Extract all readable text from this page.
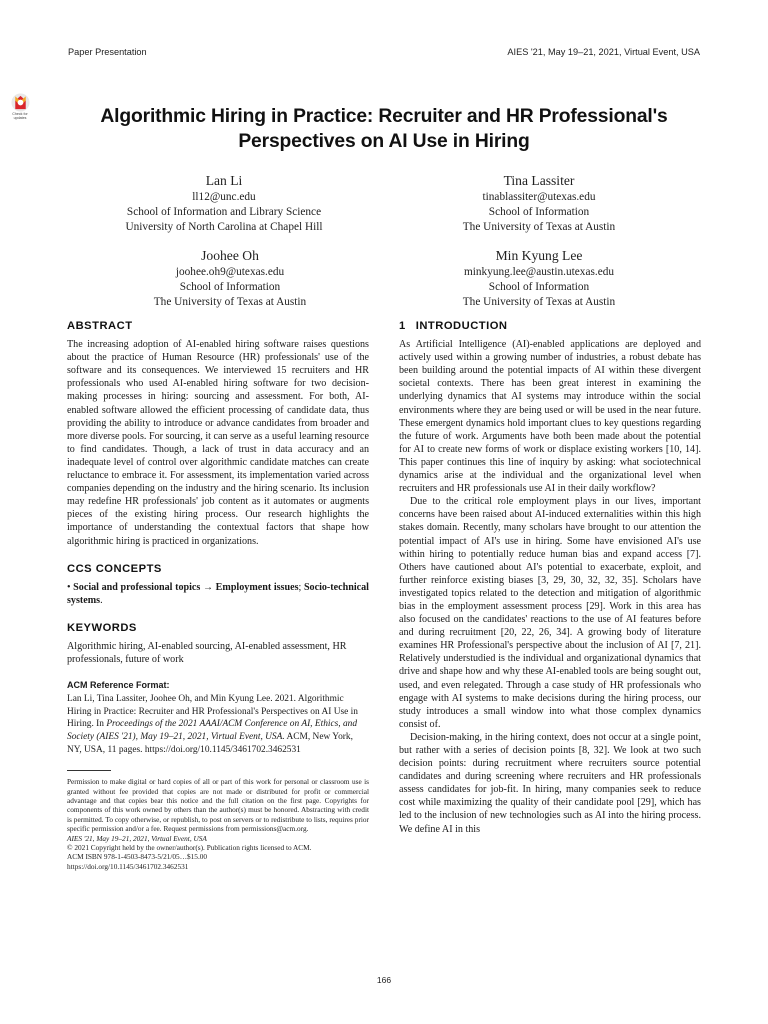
Paper Presentation	AIES '21, May 19–21, 2021, Virtual Event, USA
Check for
updates	Algorithmic Hiring in Practice: Recruiter and HR Professional's Perspectives on AI Use in Hiring
Lan Li
ll12@unc.edu
School of Information and Library Science
University of North Carolina at Chapel Hill
Tina Lassiter
tinablassiter@utexas.edu
School of Information
The University of Texas at Austin
Joohee Oh
joohee.oh9@utexas.edu
School of Information
The University of Texas at Austin
Min Kyung Lee
minkyung.lee@austin.utexas.edu
School of Information
The University of Texas at Austin
ABSTRACT

The increasing adoption of AI-enabled hiring software raises questions about the practice of Human Resource (HR) professionals' use of the software and its consequences. We interviewed 15 recruiters and HR professionals who used AI-enabled hiring software for two decision-making processes in hiring: sourcing and assessment. For both, AI-enabled software allowed the efficient processing of candidate data, thus providing the ability to introduce or advance candidates from broader and more diverse pools. For sourcing, it can serve as a useful learning resource to find candidates. Though, a lack of trust in data accuracy and an inadequate level of control over algorithmic candidate matches can create reluctance to embrace it. For assessment, its implementation varied across companies depending on the industry and the hiring scenario. Its inclusion may redefine HR professionals' job content as it automates or augments pieces of the existing hiring process. Our research highlights the importance of understanding the contextual factors that shape how algorithmic hiring is practiced in organizations.

CCS CONCEPTS

• Social and professional topics → Employment issues; Socio-technical systems.

KEYWORDS

Algorithmic hiring, AI-enabled sourcing, AI-enabled assessment, HR professionals, future of work

ACM Reference Format:

Lan Li, Tina Lassiter, Joohee Oh, and Min Kyung Lee. 2021. Algorithmic Hiring in Practice: Recruiter and HR Professional's Perspectives on AI Use in Hiring. In Proceedings of the 2021 AAAI/ACM Conference on AI, Ethics, and Society (AIES '21), May 19–21, 2021, Virtual Event, USA. ACM, New York, NY, USA, 11 pages. https://doi.org/10.1145/3461702.3462531

Permission to make digital or hard copies of all or part of this work for personal or classroom use is granted without fee provided that copies are not made or distributed for profit or commercial advantage and that copies bear this notice and the full citation on the first page. Copyrights for components of this work owned by others than the author(s) must be honored. Abstracting with credit is permitted. To copy otherwise, or republish, to post on servers or to redistribute to lists, requires prior specific permission and/or a fee. Request permissions from permissions@acm.org.

AIES '21, May 19–21, 2021, Virtual Event, USA

© 2021 Copyright held by the owner/author(s). Publication rights licensed to ACM.

ACM ISBN 978-1-4503-8473-5/21/05…$15.00

https://doi.org/10.1145/3461702.3462531

1 INTRODUCTION

As Artificial Intelligence (AI)-enabled applications are deployed and actively used within a growing number of industries, a robust debate has been building around the potential impacts of AI within these divergent societal contexts. There has been great interest in examining the underlying dynamics that AI systems may introduce within the social environments where they are being used or will be used in the near future. These emergent dynamics hold important clues to key questions regarding the future of work. Arguments have both been made about the potential for AI to create new forms of work or displace existing workers [10, 14]. This paper continues this line of inquiry by asking: what sociotechnical dynamics arise at the individual and the organizational level when recruiters and HR professionals use AI in their daily workflow?

Due to the critical role employment plays in our lives, important concerns have been raised about AI-induced externalities within this high stakes domain. Recently, many scholars have brought to our attention the potential impact of AI's use in hiring. Some have envisioned AI's use within hiring to potentially reduce human bias and expand access [7]. Others have cautioned about AI's potential to exacerbate, exploit, and further reinforce existing biases [3, 29, 30, 32, 32, 35]. Scholars have investigated topics related to the detection and mitigation of algorithmic bias in the employment assessment process [29]. Work in this area has also focused on the candidates' reactions to the use of AI features before and during recruitment [20, 22, 26, 34]. A growing body of literature examines HR Professional's perspective about the inclusion of AI [7, 21]. Relatively understudied is the individual and organizational dynamics that drive and shape how and why these AI-enabled tools are being sought out, used, and even relegated. Through a case study of HR professionals who engage with AI systems to make decisions during the hiring process, our study introduces a small window into what those complex dynamics consist of.

Decision-making, in the hiring context, does not occur at a single point, but rather with a series of decision points [8, 32]. We look at two such decision points: during recruitment where recruiters source potential candidates and during screening where recruiters and HR professionals assess candidates for job-fit. In hiring, many companies seek to reduce cost while maximizing the quality of their candidate pool [29], which has led to the inclusion of new technologies such as AI into the hiring process. We define AI in this

166
